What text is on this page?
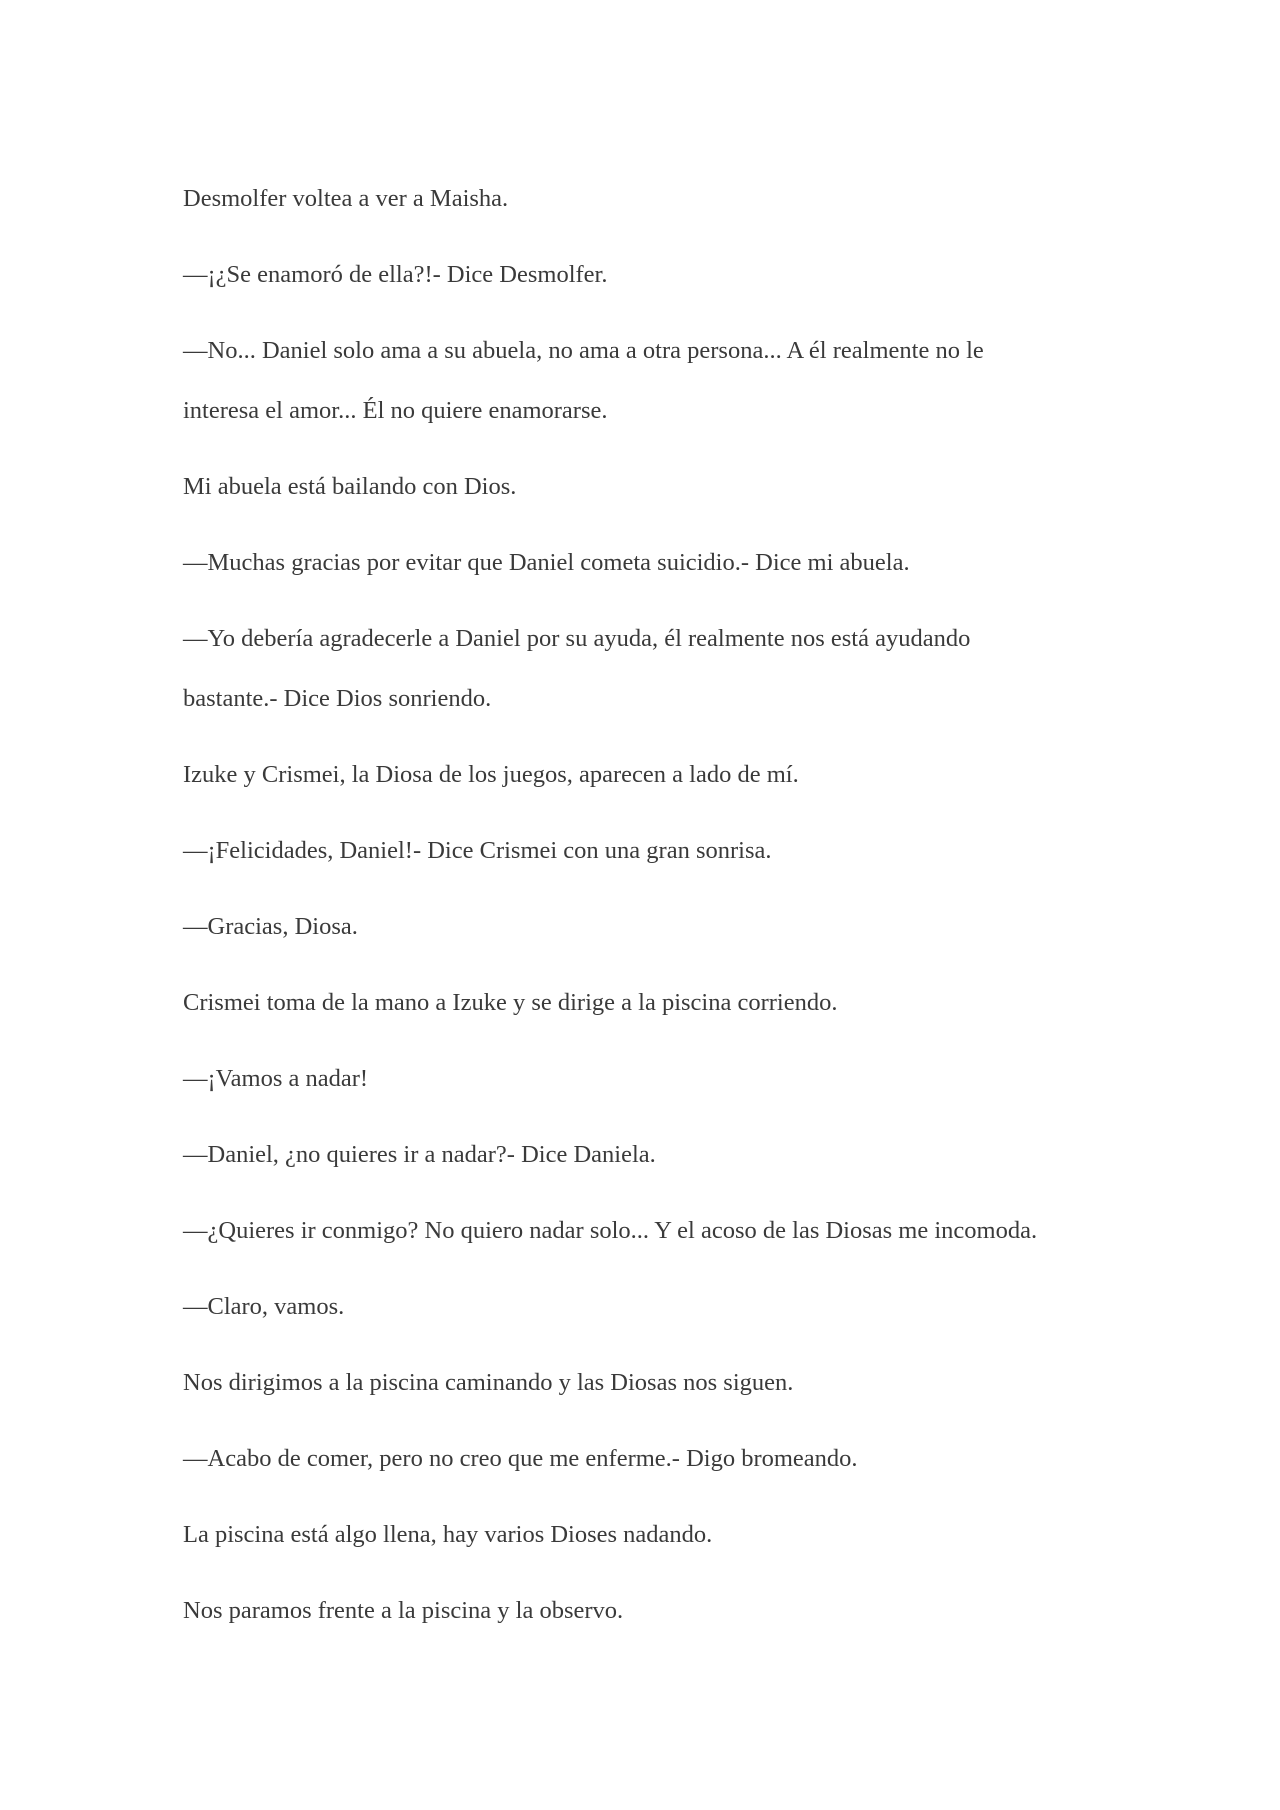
Desmolfer voltea a ver a Maisha.

—¡¿Se enamoró de ella?!- Dice Desmolfer.

—No... Daniel solo ama a su abuela, no ama a otra persona... A él realmente no le
interesa el amor... Él no quiere enamorarse.

Mi abuela está bailando con Dios.

—Muchas gracias por evitar que Daniel cometa suicidio.- Dice mi abuela.

—Yo debería agradecerle a Daniel por su ayuda, él realmente nos está ayudando
bastante.- Dice Dios sonriendo.

Izuke y Crismei, la Diosa de los juegos, aparecen a lado de mí.

—¡Felicidades, Daniel!- Dice Crismei con una gran sonrisa.

—Gracias, Diosa.

Crismei toma de la mano a Izuke y se dirige a la piscina corriendo.

—¡Vamos a nadar!

—Daniel, ¿no quieres ir a nadar?- Dice Daniela.

—¿Quieres ir conmigo? No quiero nadar solo... Y el acoso de las Diosas me incomoda.

—Claro, vamos.

Nos dirigimos a la piscina caminando y las Diosas nos siguen.

—Acabo de comer, pero no creo que me enferme.- Digo bromeando.

La piscina está algo llena, hay varios Dioses nadando.

Nos paramos frente a la piscina y la observo.
